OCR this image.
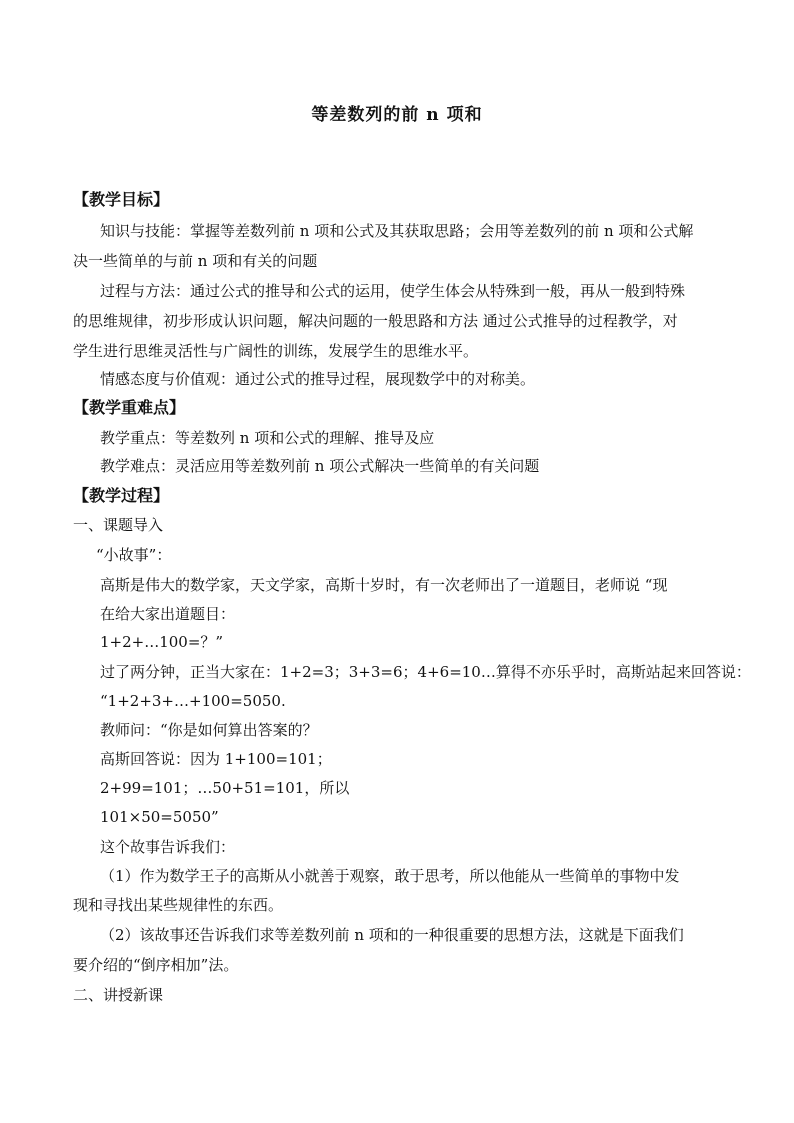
等差数列的前 n 项和
【教学目标】
知识与技能：掌握等差数列前 n 项和公式及其获取思路；会用等差数列的前 n 项和公式解
决一些简单的与前 n 项和有关的问题
过程与方法：通过公式的推导和公式的运用，使学生体会从特殊到一般，再从一般到特殊
的思维规律，初步形成认识问题，解决问题的一般思路和方法 通过公式推导的过程教学，对
学生进行思维灵活性与广阔性的训练，发展学生的思维水平。
情感态度与价值观：通过公式的推导过程，展现数学中的对称美。
【教学重难点】
教学重点：等差数列 n 项和公式的理解、推导及应
教学难点：灵活应用等差数列前 n 项公式解决一些简单的有关问题
【教学过程】
一、课题导入
“小故事”：
高斯是伟大的数学家，天文学家，高斯十岁时，有一次老师出了一道题目，老师说 “现
在给大家出道题目：
1+2+…100=？”
过了两分钟，正当大家在：1+2=3；3+3=6；4+6=10…算得不亦乐乎时，高斯站起来回答说：
“1+2+3+…+100=5050.
教师问：“你是如何算出答案的？
高斯回答说：因为 1+100=101；
2+99=101；…50+51=101，所以
101×50=5050”
这个故事告诉我们：
（1）作为数学王子的高斯从小就善于观察，敢于思考，所以他能从一些简单的事物中发
现和寻找出某些规律性的东西。
（2）该故事还告诉我们求等差数列前 n 项和的一种很重要的思想方法，这就是下面我们
要介绍的“倒序相加”法。
二、讲授新课
